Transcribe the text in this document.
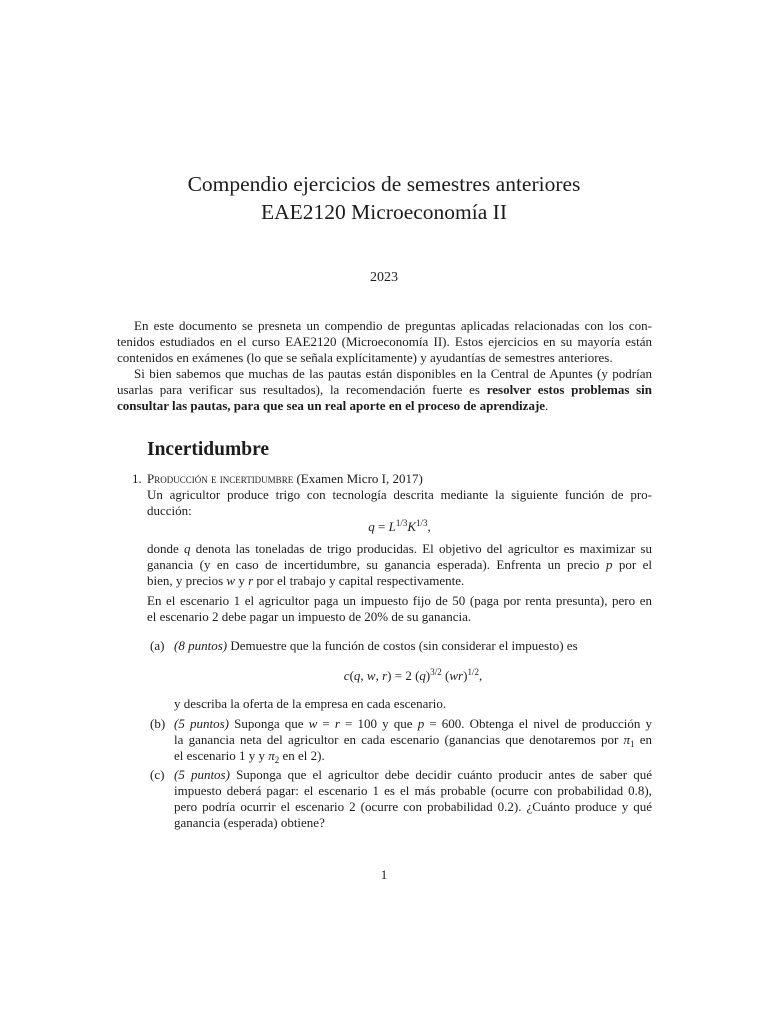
Compendio ejercicios de semestres anteriores
EAE2120 Microeconomía II
2023
En este documento se presneta un compendio de preguntas aplicadas relacionadas con los con-
tenidos estudiados en el curso EAE2120 (Microeconomía II). Estos ejercicios en su mayoría están
contenidos en exámenes (lo que se señala explícitamente) y ayudantías de semestres anteriores.
Si bien sabemos que muchas de las pautas están disponibles en la Central de Apuntes (y podrían
usarlas para verificar sus resultados), la recomendación fuerte es resolver estos problemas sin
consultar las pautas, para que sea un real aporte en el proceso de aprendizaje.
Incertidumbre
1. Producción e incertidumbre (Examen Micro I, 2017)
Un agricultor produce trigo con tecnología descrita mediante la siguiente función de pro-
ducción:
$q = L^{1/3}K^{1/3}$,
donde q denota las toneladas de trigo producidas. El objetivo del agricultor es maximizar su
ganancia (y en caso de incertidumbre, su ganancia esperada). Enfrenta un precio p por el
bien, y precios w y r por el trabajo y capital respectivamente.
En el escenario 1 el agricultor paga un impuesto fijo de 50 (paga por renta presunta), pero en
el escenario 2 debe pagar un impuesto de 20% de su ganancia.
(a) (8 puntos) Demuestre que la función de costos (sin considerar el impuesto) es
c(q, w, r) = 2 $(q)^{3/2}$ (wr)$^{1/2}$,
y describa la oferta de la empresa en cada escenario.
(b) (5 puntos) Suponga que w = r = 100 y que p = 600. Obtenga el nivel de producción y
la ganancia neta del agricultor en cada escenario (ganancias que denotaremos por $\pi_1$ en
el escenario 1 y y $\pi_2$ en el 2).
(c) (5 puntos) Suponga que el agricultor debe decidir cuánto producir antes de saber qué
impuesto deberá pagar: el escenario 1 es el más probable (ocurre con probabilidad 0.8),
pero podría ocurrir el escenario 2 (ocurre con probabilidad 0.2). ¿Cuánto produce y qué
ganancia (esperada) obtiene?
1
